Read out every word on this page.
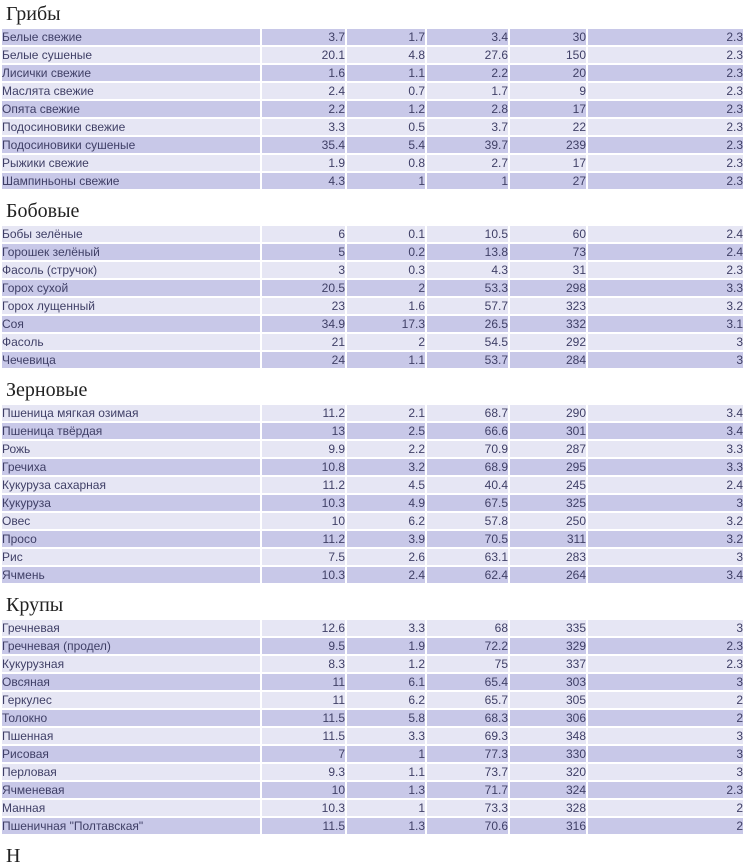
Грибы
Белые свежие	3.7	1.7	3.4	30	2.3
Белые сушеные	20.1	4.8	27.6	150	2.3
Лисички свежие	1.6	1.1	2.2	20	2.3
Маслята свежие	2.4	0.7	1.7	9	2.3
Опята свежие	2.2	1.2	2.8	17	2.3
Подосиновики свежие	3.3	0.5	3.7	22	2.3
Подосиновики сушеные	35.4	5.4	39.7	239	2.3
Рыжики свежие	1.9	0.8	2.7	17	2.3
Шампиньоны свежие	4.3	1	1	27	2.3
Бобовые
Бобы зелёные	6	0.1	10.5	60	2.4
Горошек зелёный	5	0.2	13.8	73	2.4
Фасоль (стручок)	3	0.3	4.3	31	2.3
Горох сухой	20.5	2	53.3	298	3.3
Горох лущенный	23	1.6	57.7	323	3.2
Соя	34.9	17.3	26.5	332	3.1
Фасоль	21	2	54.5	292	3
Чечевица	24	1.1	53.7	284	3
Зерновые
Пшеница мягкая озимая	11.2	2.1	68.7	290	3.4
Пшеница твёрдая	13	2.5	66.6	301	3.4
Рожь	9.9	2.2	70.9	287	3.3
Гречиха	10.8	3.2	68.9	295	3.3
Кукуруза сахарная	11.2	4.5	40.4	245	2.4
Кукуруза	10.3	4.9	67.5	325	3
Овес	10	6.2	57.8	250	3.2
Просо	11.2	3.9	70.5	311	3.2
Рис	7.5	2.6	63.1	283	3
Ячмень	10.3	2.4	62.4	264	3.4
Крупы
Гречневая	12.6	3.3	68	335	3
Гречневая (продел)	9.5	1.9	72.2	329	2.3
Кукурузная	8.3	1.2	75	337	2.3
Овсяная	11	6.1	65.4	303	3
Геркулес	11	6.2	65.7	305	2
Толокно	11.5	5.8	68.3	306	2
Пшенная	11.5	3.3	69.3	348	3
Рисовая	7	1	77.3	330	3
Перловая	9.3	1.1	73.7	320	3
Ячменевая	10	1.3	71.7	324	2.3
Манная	10.3	1	73.3	328	2
Пшеничная "Полтавская"	11.5	1.3	70.6	316	2
Н
